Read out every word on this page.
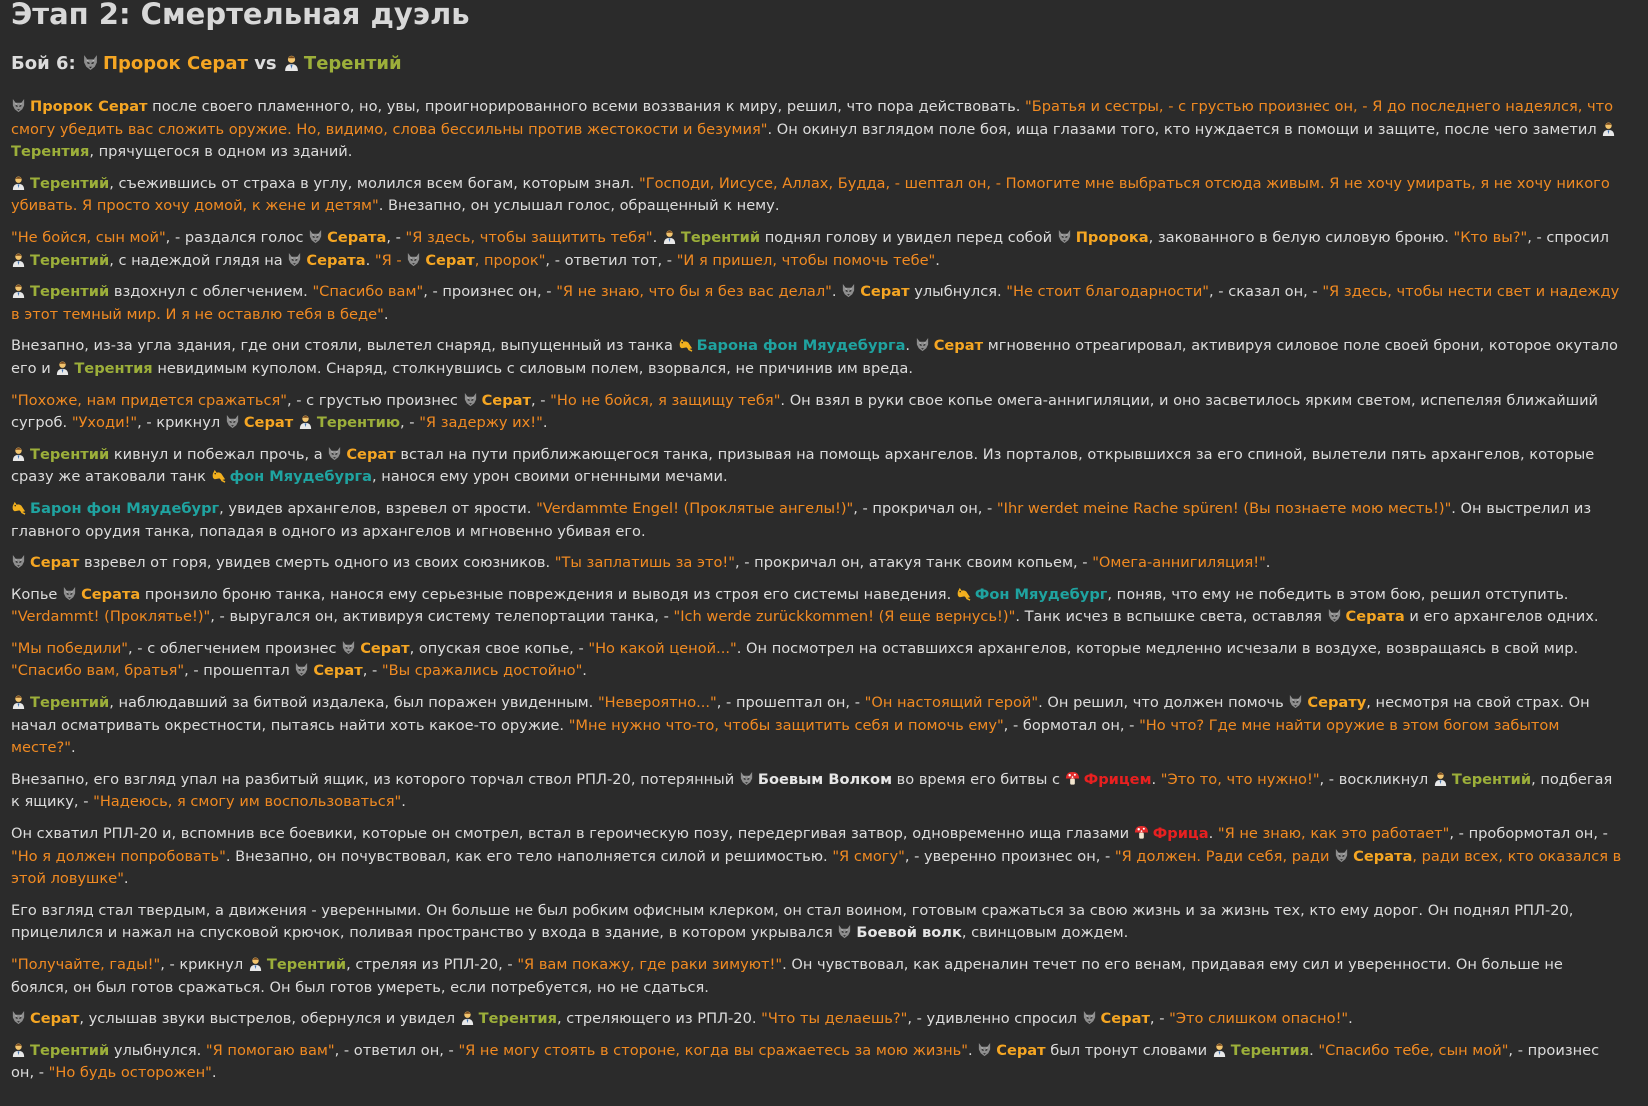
Этап 2: Смертельная дуэль
Бой 6: Пророк Серат vs Терентий

Пророк Серат после своего пламенного, но, увы, проигнорированного всеми воззвания к миру, решил, что пора действовать. "Братья и сестры, - с грустью произнес он, - Я до последнего надеялся, что смогу убедить вас сложить оружие. Но, видимо, слова бессильны против жестокости и безумия". Он окинул взглядом поле боя, ища глазами того, кто нуждается в помощи и защите, после чего заметил Терентия, прячущегося в одном из зданий.

Терентий, съежившись от страха в углу, молился всем богам, которым знал. "Господи, Иисусе, Аллах, Будда, - шептал он, - Помогите мне выбраться отсюда живым. Я не хочу умирать, я не хочу никого убивать. Я просто хочу домой, к жене и детям". Внезапно, он услышал голос, обращенный к нему.

"Не бойся, сын мой", - раздался голос Серата, - "Я здесь, чтобы защитить тебя". Терентий поднял голову и увидел перед собой Пророка, закованного в белую силовую броню. "Кто вы?", - спросил Терентий, с надеждой глядя на Серата. "Я - Серат, пророк", - ответил тот, - "И я пришел, чтобы помочь тебе".

Терентий вздохнул с облегчением. "Спасибо вам", - произнес он, - "Я не знаю, что бы я без вас делал". Серат улыбнулся. "Не стоит благодарности", - сказал он, - "Я здесь, чтобы нести свет и надежду в этот темный мир. И я не оставлю тебя в беде".

Внезапно, из-за угла здания, где они стояли, вылетел снаряд, выпущенный из танка Барона фон Мяудебурга. Серат мгновенно отреагировал, активируя силовое поле своей брони, которое окутало его и Терентия невидимым куполом. Снаряд, столкнувшись с силовым полем, взорвался, не причинив им вреда.

"Похоже, нам придется сражаться", - с грустью произнес Серат, - "Но не бойся, я защищу тебя". Он взял в руки свое копье омега-аннигиляции, и оно засветилось ярким светом, испепеляя ближайший сугроб. "Уходи!", - крикнул Серат Терентию, - "Я задержу их!".

Терентий кивнул и побежал прочь, а Серат встал на пути приближающегося танка, призывая на помощь архангелов. Из порталов, открывшихся за его спиной, вылетели пять архангелов, которые сразу же атаковали танк фон Мяудебурга, нанося ему урон своими огненными мечами.

Барон фон Мяудебург, увидев архангелов, взревел от ярости. "Verdammte Engel! (Проклятые ангелы!)", - прокричал он, - "Ihr werdet meine Rache spüren! (Вы познаете мою месть!)". Он выстрелил из главного орудия танка, попадая в одного из архангелов и мгновенно убивая его.

Серат взревел от горя, увидев смерть одного из своих союзников. "Ты заплатишь за это!", - прокричал он, атакуя танк своим копьем, - "Омега-аннигиляция!".

Копье Серата пронзило броню танка, нанося ему серьезные повреждения и выводя из строя его системы наведения. Фон Мяудебург, поняв, что ему не победить в этом бою, решил отступить. "Verdammt! (Проклятье!)", - выругался он, активируя систему телепортации танка, - "Ich werde zurückkommen! (Я еще вернусь!)". Танк исчез в вспышке света, оставляя Серата и его архангелов одних.

"Мы победили", - с облегчением произнес Серат, опуская свое копье, - "Но какой ценой...". Он посмотрел на оставшихся архангелов, которые медленно исчезали в воздухе, возвращаясь в свой мир. "Спасибо вам, братья", - прошептал Серат, - "Вы сражались достойно".

Терентий, наблюдавший за битвой издалека, был поражен увиденным. "Невероятно...", - прошептал он, - "Он настоящий герой". Он решил, что должен помочь Серату, несмотря на свой страх. Он начал осматривать окрестности, пытаясь найти хоть какое-то оружие. "Мне нужно что-то, чтобы защитить себя и помочь ему", - бормотал он, - "Но что? Где мне найти оружие в этом богом забытом месте?".

Внезапно, его взгляд упал на разбитый ящик, из которого торчал ствол РПЛ-20, потерянный Боевым Волком во время его битвы с Фрицем. "Это то, что нужно!", - воскликнул Терентий, подбегая к ящику, - "Надеюсь, я смогу им воспользоваться".

Он схватил РПЛ-20 и, вспомнив все боевики, которые он смотрел, встал в героическую позу, передергивая затвор, одновременно ища глазами Фрица. "Я не знаю, как это работает", - пробормотал он, - "Но я должен попробовать". Внезапно, он почувствовал, как его тело наполняется силой и решимостью. "Я смогу", - уверенно произнес он, - "Я должен. Ради себя, ради Серата, ради всех, кто оказался в этой ловушке".

Его взгляд стал твердым, а движения - уверенными. Он больше не был робким офисным клерком, он стал воином, готовым сражаться за свою жизнь и за жизнь тех, кто ему дорог. Он поднял РПЛ-20, прицелился и нажал на спусковой крючок, поливая пространство у входа в здание, в котором укрывался Боевой волк, свинцовым дождем.

"Получайте, гады!", - крикнул Терентий, стреляя из РПЛ-20, - "Я вам покажу, где раки зимуют!". Он чувствовал, как адреналин течет по его венам, придавая ему сил и уверенности. Он больше не боялся, он был готов сражаться. Он был готов умереть, если потребуется, но не сдаться.

Серат, услышав звуки выстрелов, обернулся и увидел Терентия, стреляющего из РПЛ-20. "Что ты делаешь?", - удивленно спросил Серат, - "Это слишком опасно!".

Терентий улыбнулся. "Я помогаю вам", - ответил он, - "Я не могу стоять в стороне, когда вы сражаетесь за мою жизнь". Серат был тронут словами Терентия. "Спасибо тебе, сын мой", - произнес он, - "Но будь осторожен".
